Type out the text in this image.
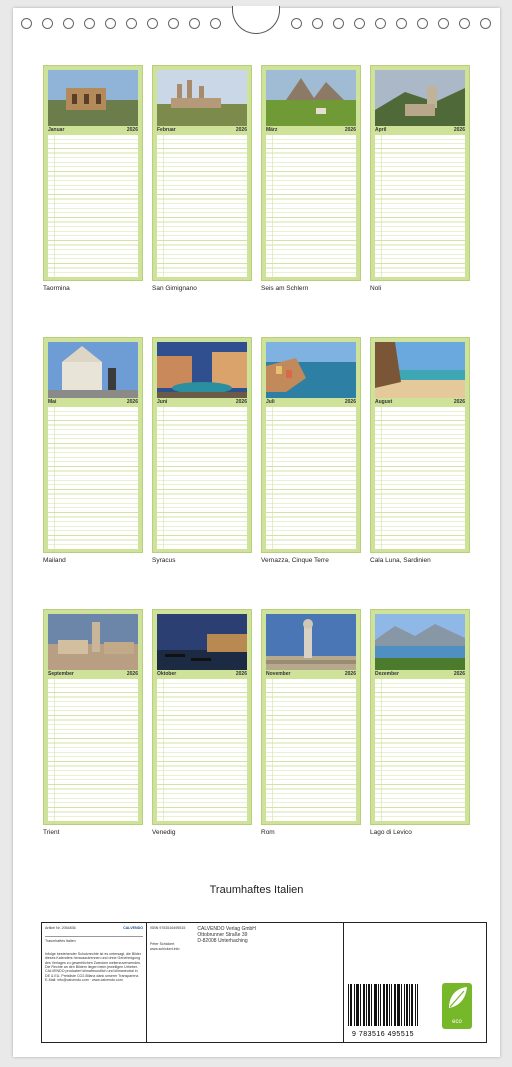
Januar	2026
Taormina
Februar	2026
San Gimignano
März	2026
Seis am Schlern
April	2026
Noli
Mai	2026
Mailand
Juni	2026
Syracus
Juli	2026
Vernazza, Cinque Terre
August	2026
Cala Luna, Sardinien
September	2026
Trient
Oktober	2026
Venedig
November	2026
Rom
Dezember	2026
Lago di Levico
Traumhaftes Italien
Artikel Nr. 2064836	CALVENDO
Traumhaftes Italien
Infolge bestehender Schutzrechte ist es untersagt, die Bilder dieses Kalenders herauszutrennen und ohne Genehmigung des Verlages zu gewerblichen Zwecken weiterzuverwenden. Die Rechte an den Bildern liegen beim jeweiligen Urheber. CALVENDO produziert klimafreundlich und klimaneutral in DE & EU. Preisliste CO2-Bilanz dank unserer Transparenz. E-Mail: info@calvendo.com · www.calvendo.com
ISBN 9783516495515
Peter Schickert
www.schickert.info
CALVENDO Verlag GmbH
Ottobrunner Straße 39
D-82008 Unterhaching
9 783516 495515
eco
